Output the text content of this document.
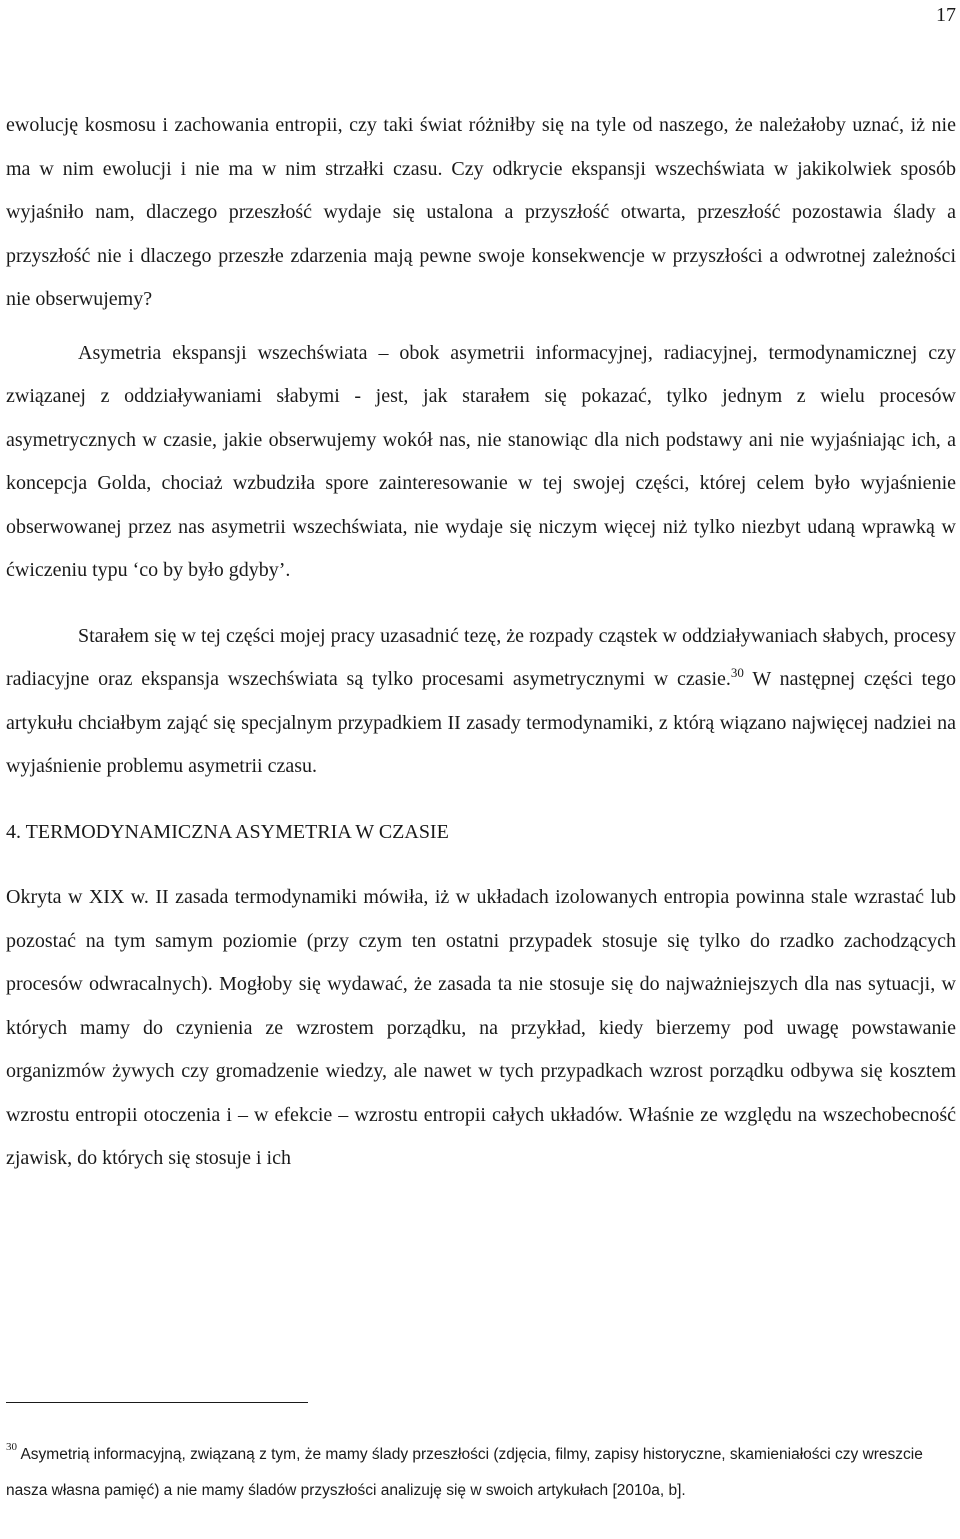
17

ewolucję kosmosu i zachowania entropii, czy taki świat różniłby się na tyle od naszego, że należałoby uznać, iż nie ma w nim ewolucji i nie ma w nim strzałki czasu. Czy odkrycie ekspansji wszechświata w jakikolwiek sposób wyjaśniło nam, dlaczego przeszłość wydaje się ustalona a przyszłość otwarta, przeszłość pozostawia ślady a przyszłość nie i dlaczego przeszłe zdarzenia mają pewne swoje konsekwencje w przyszłości a odwrotnej zależności nie obserwujemy?

Asymetria ekspansji wszechświata – obok asymetrii informacyjnej, radiacyjnej, termodynamicznej czy związanej z oddziaływaniami słabymi - jest, jak starałem się pokazać, tylko jednym z wielu procesów asymetrycznych w czasie, jakie obserwujemy wokół nas, nie stanowiąc dla nich podstawy ani nie wyjaśniając ich, a koncepcja Golda, chociaż wzbudziła spore zainteresowanie w tej swojej części, której celem było wyjaśnienie obserwowanej przez nas asymetrii wszechświata, nie wydaje się niczym więcej niż tylko niezbyt udaną wprawką w ćwiczeniu typu ‘co by było gdyby’.

Starałem się w tej części mojej pracy uzasadnić tezę, że rozpady cząstek w oddziaływaniach słabych, procesy radiacyjne oraz ekspansja wszechświata są tylko procesami asymetrycznymi w czasie.$^{30}$ W następnej części tego artykułu chciałbym zająć się specjalnym przypadkiem II zasady termodynamiki, z którą wiązano najwięcej nadziei na wyjaśnienie problemu asymetrii czasu.

4. TERMODYNAMICZNA ASYMETRIA W CZASIE

Okryta w XIX w. II zasada termodynamiki mówiła, iż w układach izolowanych entropia powinna stale wzrastać lub pozostać na tym samym poziomie (przy czym ten ostatni przypadek stosuje się tylko do rzadko zachodzących procesów odwracalnych). Mogłoby się wydawać, że zasada ta nie stosuje się do najważniejszych dla nas sytuacji, w których mamy do czynienia ze wzrostem porządku, na przykład, kiedy bierzemy pod uwagę powstawanie organizmów żywych czy gromadzenie wiedzy, ale nawet w tych przypadkach wzrost porządku odbywa się kosztem wzrostu entropii otoczenia i – w efekcie – wzrostu entropii całych układów. Właśnie ze względu na wszechobecność zjawisk, do których się stosuje i ich

$^{30}$ Asymetrią informacyjną, związaną z tym, że mamy ślady przeszłości (zdjęcia, filmy, zapisy historyczne, skamieniałości czy wreszcie nasza własna pamięć) a nie mamy śladów przyszłości analizuję się w swoich artykułach [2010a, b].
